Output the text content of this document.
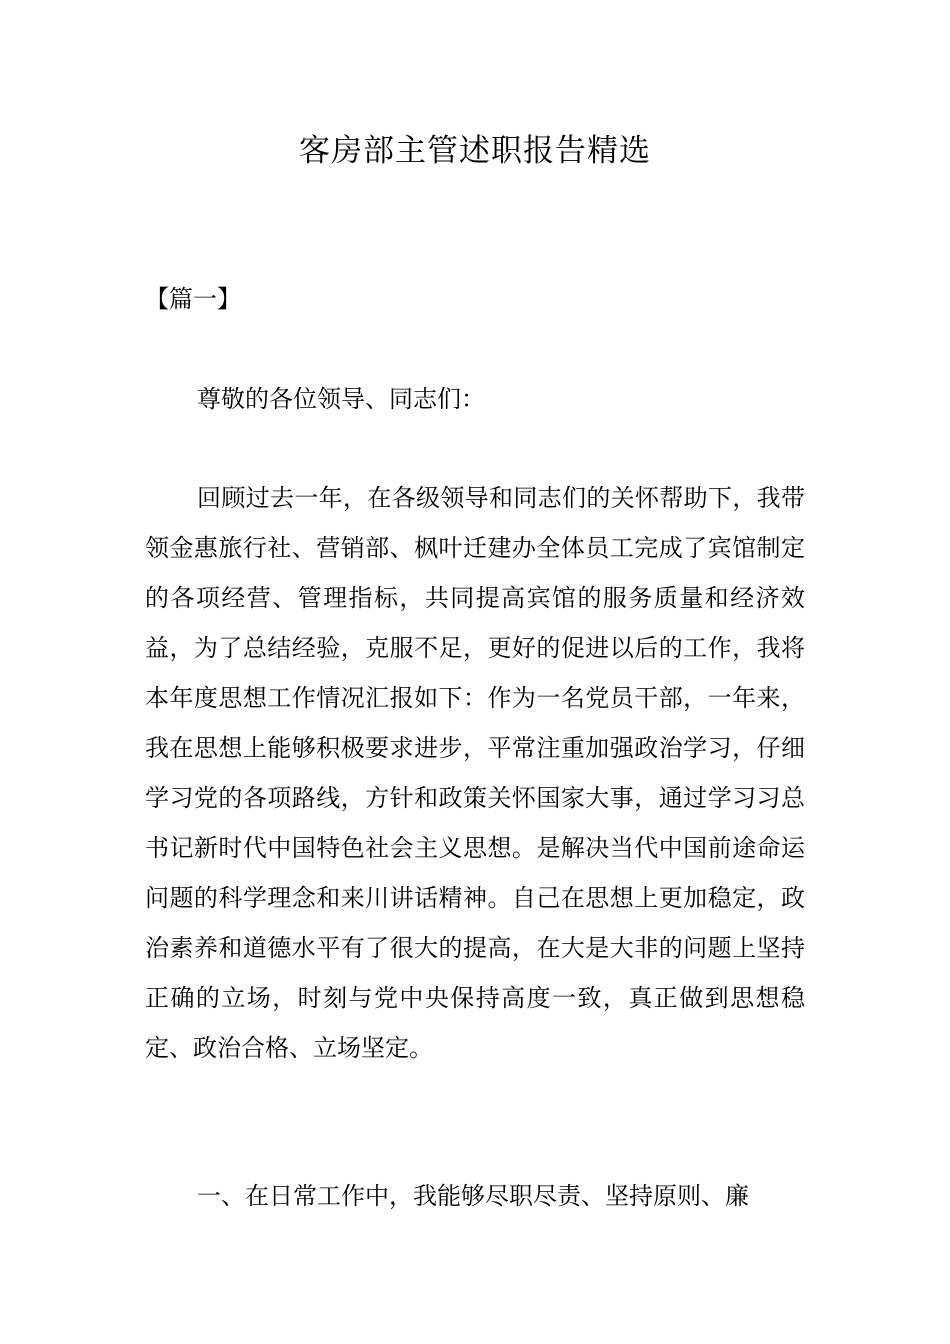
客房部主管述职报告精选

【篇一】

尊敬的各位领导、同志们：

回顾过去一年，在各级领导和同志们的关怀帮助下，我带领金惠旅行社、营销部、枫叶迁建办全体员工完成了宾馆制定的各项经营、管理指标，共同提高宾馆的服务质量和经济效益，为了总结经验，克服不足，更好的促进以后的工作，我将本年度思想工作情况汇报如下：作为一名党员干部，一年来，我在思想上能够积极要求进步，平常注重加强政治学习，仔细学习党的各项路线，方针和政策关怀国家大事，通过学习习总书记新时代中国特色社会主义思想。是解决当代中国前途命运问题的科学理念和来川讲话精神。自己在思想上更加稳定，政治素养和道德水平有了很大的提高，在大是大非的问题上坚持正确的立场，时刻与党中央保持高度一致，真正做到思想稳定、政治合格、立场坚定。

一、在日常工作中，我能够尽职尽责、坚持原则、廉
